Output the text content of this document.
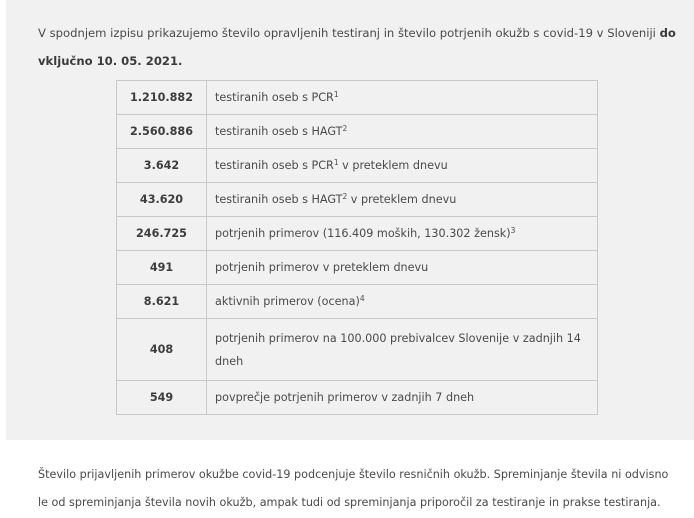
V spodnjem izpisu prikazujemo število opravljenih testiranj in število potrjenih okužb s covid-19 v Sloveniji do vključno 10. 05. 2021.

1.210.882	testiranih oseb s PCR$^1$
2.560.886	testiranih oseb s HAGT$^2$
3.642	testiranih oseb s PCR$^1$ v preteklem dnevu
43.620	testiranih oseb s HAGT$^2$ v preteklem dnevu
246.725	potrjenih primerov (116.409 moških, 130.302 žensk)$^3$
491	potrjenih primerov v preteklem dnevu
8.621	aktivnih primerov (ocena)$^4$
408	potrjenih primerov na 100.000 prebivalcev Slovenije v zadnjih 14 dneh
549	povprečje potrjenih primerov v zadnjih 7 dneh

Število prijavljenih primerov okužbe covid-19 podcenjuje število resničnih okužb. Spreminjanje števila ni odvisno le od spreminjanja števila novih okužb, ampak tudi od spreminjanja priporočil za testiranje in prakse testiranja.
